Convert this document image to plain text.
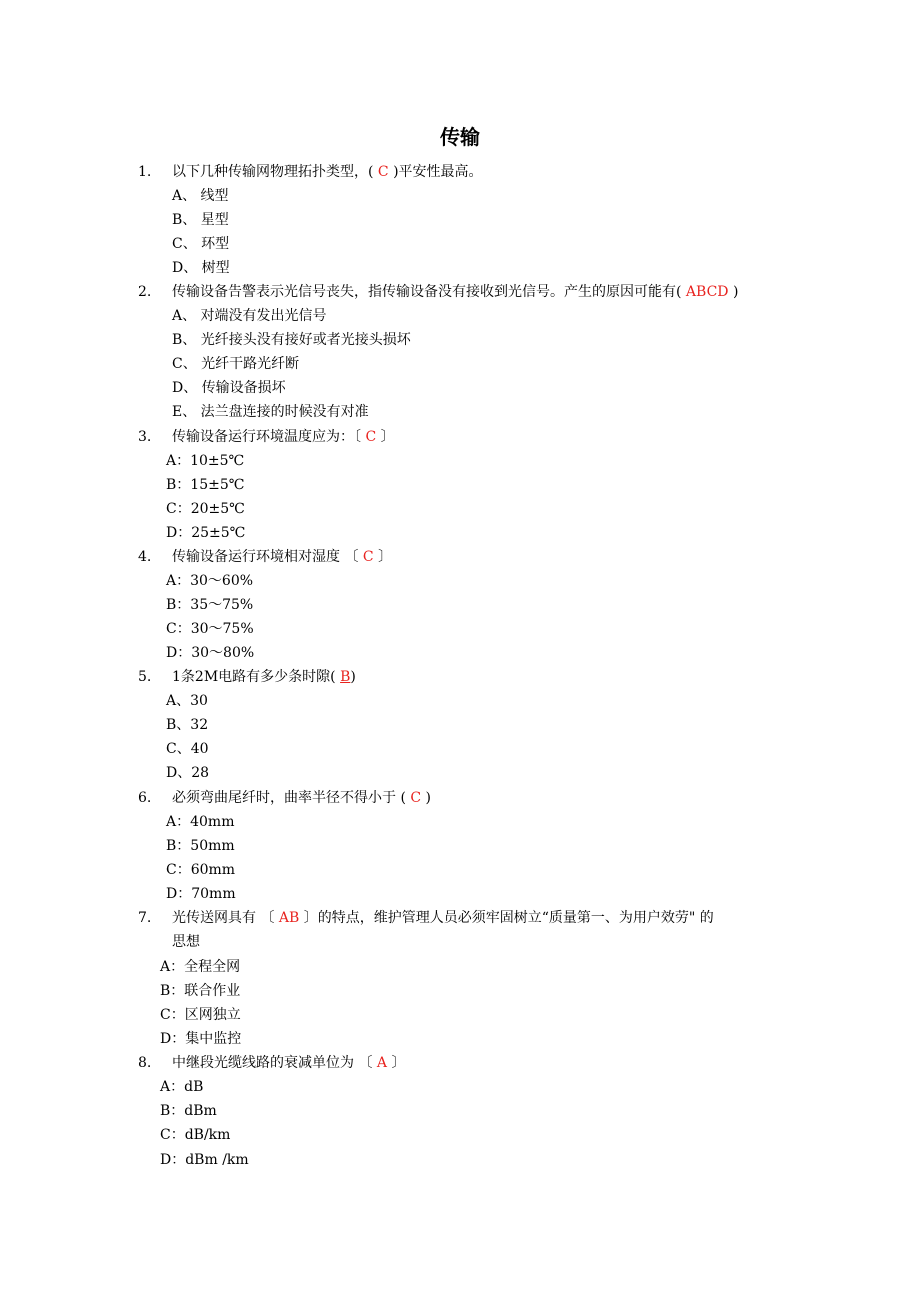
传输
1. 以下几种传输网物理拓扑类型，( C )平安性最高。
A、 线型
B、 星型
C、 环型
D、 树型
2. 传输设备告警表示光信号丧失，指传输设备没有接收到光信号。产生的原因可能有( ABCD )
A、 对端没有发出光信号
B、 光纤接头没有接好或者光接头损坏
C、 光纤干路光纤断
D、 传输设备损坏
E、 法兰盘连接的时候没有对准
3. 传输设备运行环境温度应为：〔 C 〕
A：10±5℃
B：15±5℃
C：20±5℃
D：25±5℃
4. 传输设备运行环境相对湿度 〔 C 〕
A：30～60%
B：35～75%
C：30～75%
D：30～80%
5. 1条2M电路有多少条时隙( B)
A、30
B、32
C、40
D、28
6. 必须弯曲尾纤时，曲率半径不得小于 ( C )
A：40mm
B：50mm
C：60mm
D：70mm
7. 光传送网具有 〔 AB 〕的特点，维护管理人员必须牢固树立“质量第一、为用户效劳" 的
思想
A：全程全网
B：联合作业
C：区网独立
D：集中监控
8. 中继段光缆线路的衰减单位为 〔 A 〕
A：dB
B：dBm
C：dB/km
D：dBm /km
